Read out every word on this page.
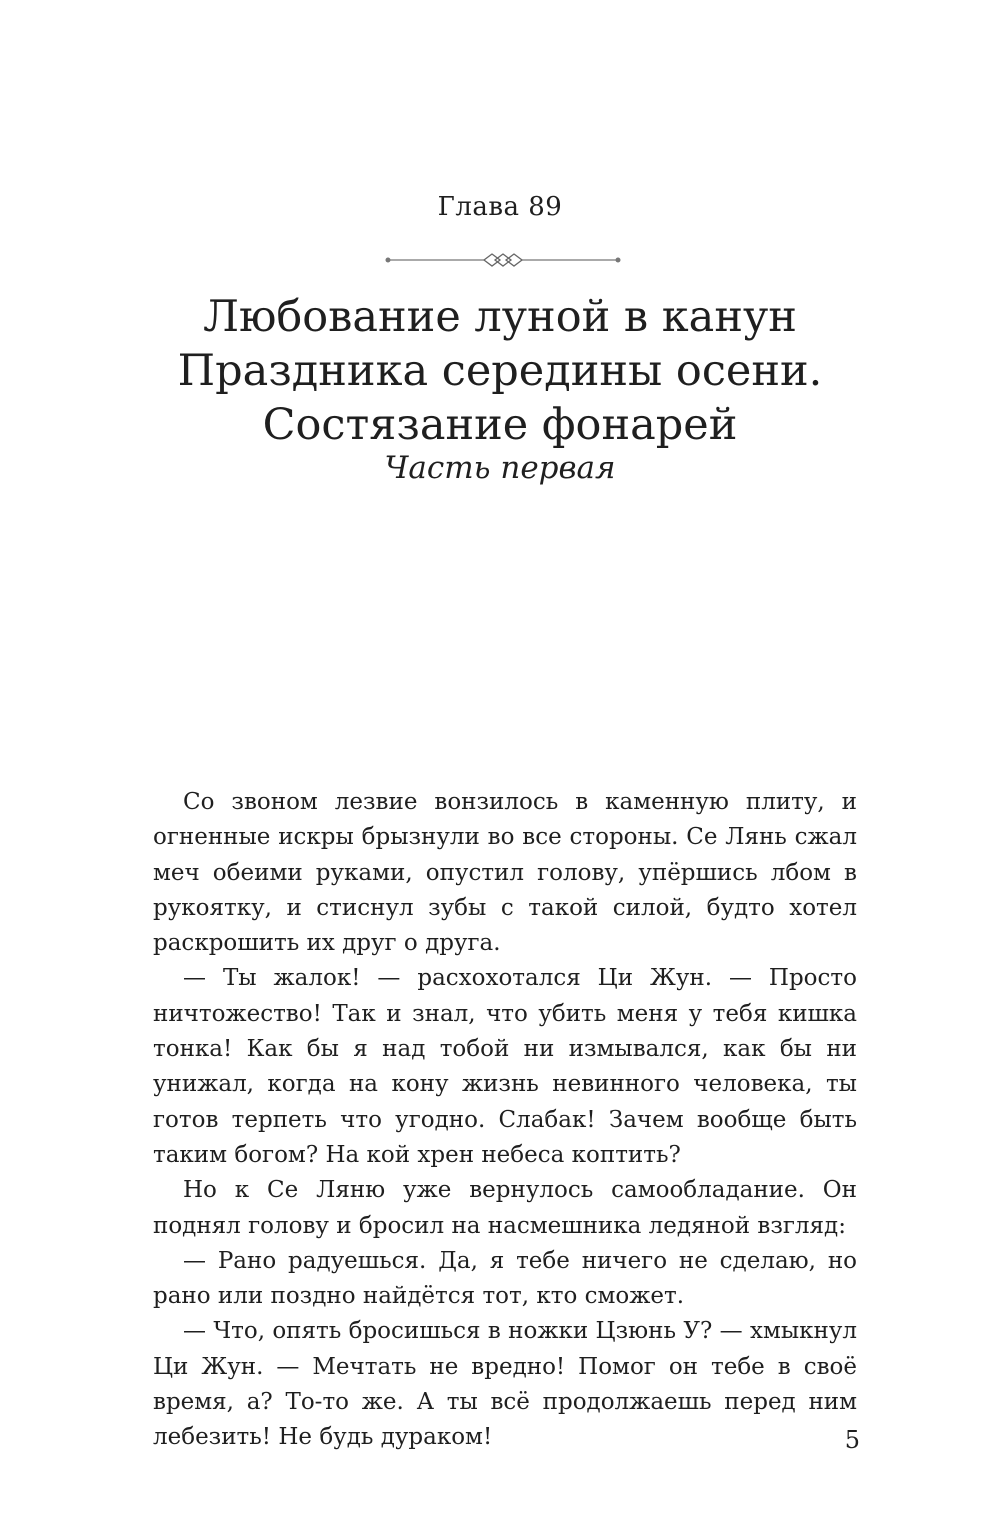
Глава 89
Любование луной в канун
Праздника середины осени.
Состязание фонарей
Часть первая

Со звоном лезвие вонзилось в каменную плиту, и огненные искры брызнули во все стороны. Се Лянь сжал меч обеими руками, опустил голову, упёршись лбом в рукоятку, и стиснул зубы с такой силой, будто хотел раскрошить их друг о друга.

— Ты жалок! — расхохотался Ци Жун. — Просто ничтожество! Так и знал, что убить меня у тебя кишка тонка! Как бы я над тобой ни измывался, как бы ни унижал, когда на кону жизнь невинного человека, ты готов терпеть что угодно. Слабак! Зачем вообще быть таким богом? На кой хрен небеса коптить?

Но к Се Ляню уже вернулось самообладание. Он поднял голову и бросил на насмешника ледяной взгляд:

— Рано радуешься. Да, я тебе ничего не сделаю, но рано или поздно найдётся тот, кто сможет.

— Что, опять бросишься в ножки Цзюнь У? — хмыкнул Ци Жун. — Мечтать не вредно! Помог он тебе в своё время, а? То-то же. А ты всё продолжаешь перед ним лебезить! Не будь дураком!	5
